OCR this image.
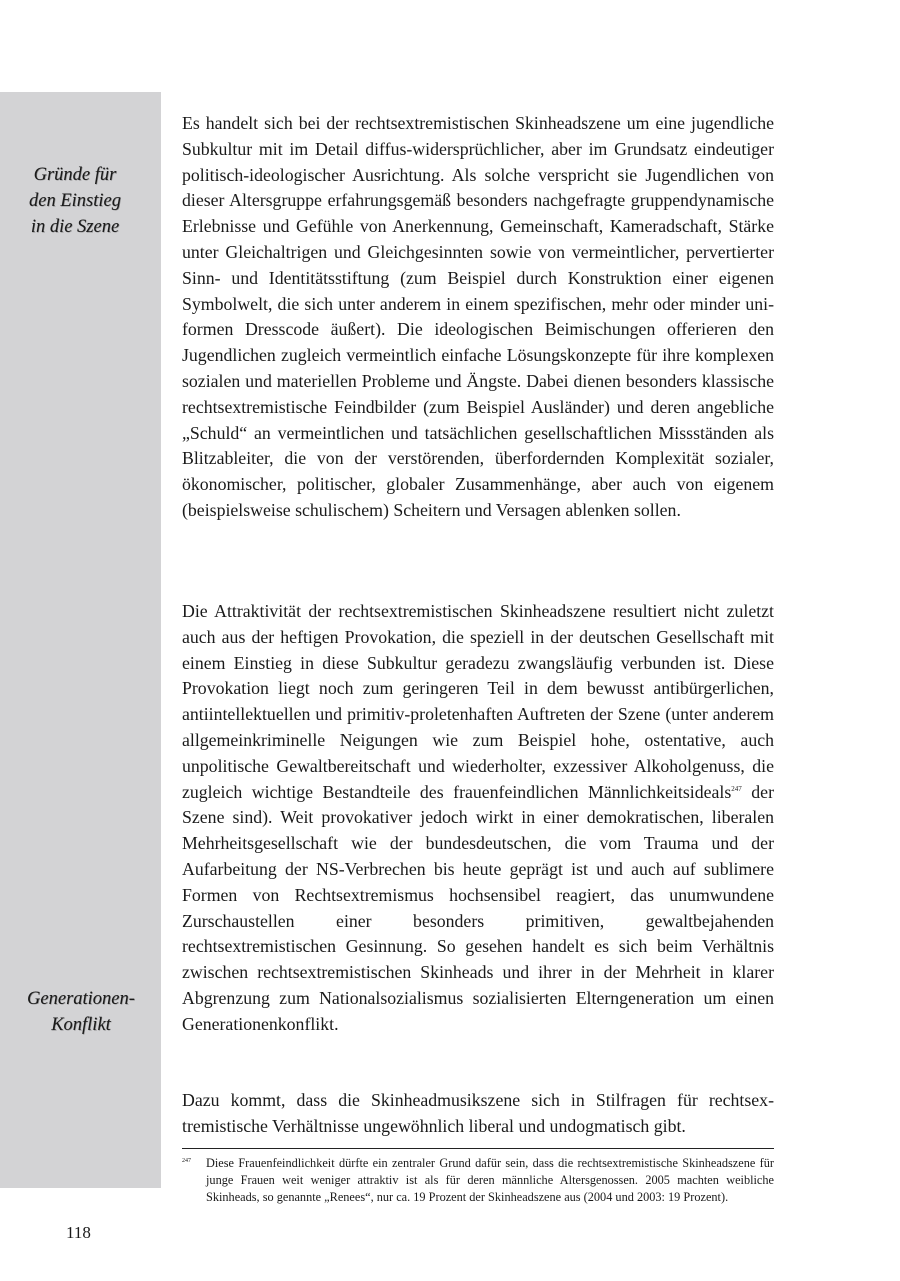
Gründe für
den Einstieg
in die Szene
Generationen-
Konflikt

Es handelt sich bei der rechtsextremistischen Skinheadszene um eine jugendliche Subkultur mit im Detail diffus-widersprüchlicher, aber im Grundsatz eindeutiger politisch-ideologischer Ausrichtung. Als solche verspricht sie Jugendlichen von dieser Altersgruppe erfahrungsgemäß besonders nachgefragte gruppendynamische Erlebnisse und Gefühle von Anerkennung, Gemeinschaft, Kameradschaft, Stärke unter Gleichaltrigen und Gleichgesinnten sowie von vermeintlicher, pervertierter Sinn- und Identitätsstiftung (zum Beispiel durch Konstruktion einer eigenen Symbolwelt, die sich unter anderem in einem spezifischen, mehr oder minder uniformen Dresscode äußert). Die ideologischen Beimischungen offerieren den Jugendlichen zugleich vermeintlich einfache Lösungskonzepte für ihre komplexen sozialen und materiellen Probleme und Ängste. Dabei dienen besonders klassische rechtsextremistische Feindbilder (zum Beispiel Ausländer) und deren angebliche „Schuld“ an vermeintlichen und tatsächlichen gesellschaftlichen Missständen als Blitzableiter, die von der verstörenden, überfordernden Komplexität sozialer, ökonomischer, politischer, globaler Zusammenhänge, aber auch von eigenem (beispielsweise schulischem) Scheitern und Versagen ablenken sollen.

Die Attraktivität der rechtsextremistischen Skinheadszene resultiert nicht zuletzt auch aus der heftigen Provokation, die speziell in der deutschen Gesellschaft mit einem Einstieg in diese Subkultur geradezu zwangsläufig verbunden ist. Diese Provokation liegt noch zum geringeren Teil in dem bewusst antibürgerlichen, antiintellektuellen und primitiv-proletenhaften Auftreten der Szene (unter anderem allgemeinkriminelle Neigungen wie zum Beispiel hohe, ostentative, auch unpolitische Gewaltbereitschaft und wiederholter, exzessiver Alkoholgenuss, die zugleich wichtige Bestandteile des frauenfeindlichen Männlichkeitsideals$^{247}$ der Szene sind). Weit provokativer jedoch wirkt in einer demokratischen, liberalen Mehrheitsgesellschaft wie der bundesdeutschen, die vom Trauma und der Aufarbeitung der NS-Verbrechen bis heute geprägt ist und auch auf sublimere Formen von Rechtsextremismus hochsensibel reagiert, das unumwundene Zurschaustellen einer besonders primitiven, gewaltbejahenden rechtsextremistischen Gesinnung. So gesehen handelt es sich beim Verhältnis zwischen rechtsextremistischen Skinheads und ihrer in der Mehrheit in klarer Abgrenzung zum Nationalsozialismus sozialisierten Elterngeneration um einen Generationenkonflikt.

Dazu kommt, dass die Skinheadmusikszene sich in Stilfragen für rechtsextremistische Verhältnisse ungewöhnlich liberal und undogmatisch gibt.

247 Diese Frauenfeindlichkeit dürfte ein zentraler Grund dafür sein, dass die rechtsextremistische Skinheadszene für junge Frauen weit weniger attraktiv ist als für deren männliche Altersgenossen. 2005 machten weibliche Skinheads, so genannte „Renees“, nur ca. 19 Prozent der Skinheadszene aus (2004 und 2003: 19 Prozent).
118
